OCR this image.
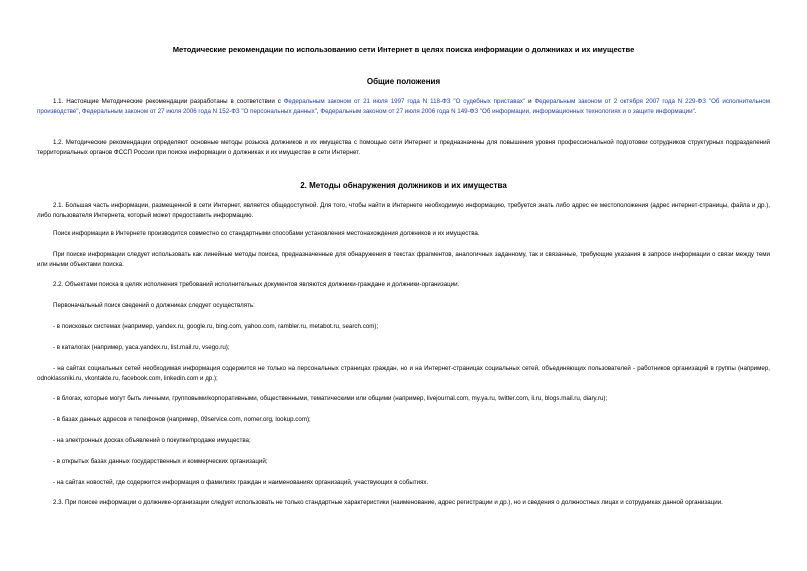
Методические рекомендации по использованию сети Интернет в целях поиска информации о должниках и их имуществе
Общие положения

1.1. Настоящие Методические рекомендации разработаны в соответствии с Федеральным законом от 21 июля 1997 года N 118-ФЗ "О судебных приставах" и Федеральным законом от 2 октября 2007 года N 229-ФЗ "Об исполнительном производстве", Федеральным законом от 27 июля 2006 года N 152-ФЗ "О персональных данных", Федеральным законом от 27 июля 2006 года N 149-ФЗ "Об информации, информационных технологиях и о защите информации".

1.2. Методические рекомендации определяют основные методы розыска должников и их имущества с помощью сети Интернет и предназначены для повышения уровня профессиональной подготовки сотрудников структурных подразделений территориальных органов ФССП России при поиске информации о должниках и их имуществе в сети Интернет.

2. Методы обнаружения должников и их имущества

2.1. Большая часть информации, размещенной в сети Интернет, является общедоступной. Для того, чтобы найти в Интернете необходимую информацию, требуется знать либо адрес ее местоположения (адрес интернет-страницы, файла и др.), либо пользователя Интернета, который может предоставить информацию.

Поиск информации в Интернете производится совместно со стандартными способами установления местонахождения должников и их имущества.

При поиске информации следует использовать как линейные методы поиска, предназначенные для обнаружения в текстах фрагментов, аналогичных заданному, так и связанные, требующие указания в запросе информации о связи между теми или иными объектами поиска.

2.2. Объектами поиска в целях исполнения требований исполнительных документов являются должники-граждане и должники-организации.

Первоначальный поиск сведений о должниках следует осуществлять:

- в поисковых системах (например, yandex.ru, google.ru, bing.com, yahoo.com, rambler.ru, metabot.ru, search.com);

- в каталогах (например, yaca.yandex.ru, list.mail.ru, vsego.ru);

- на сайтах социальных сетей необходимая информация содержится не только на персональных страницах граждан, но и на Интернет-страницах социальных сетей, объединяющих пользователей - работников организаций в группы (например, odnoklassniki.ru, vkontakte.ru, facebook.com, linkedin.com и др.);

- в блогах, которые могут быть личными, групповыми/корпоративными, общественными, тематическими или общими (например, livejournal.com, my.ya.ru, twitter.com, li.ru, blogs.mail.ru, diary.ru);

- в базах данных адресов и телефонов (например, 09service.com, nomer.org, lookup.com);

- на электронных досках объявлений о покупке/продаже имущества;

- в открытых базах данных государственных и коммерческих организаций;

- на сайтах новостей, где содержится информация о фамилиях граждан и наименованиях организаций, участвующих в событиях.

2.3. При поиске информации о должнике-организации следует использовать не только стандартные характеристики (наименование, адрес регистрации и др.), но и сведения о должностных лицах и сотрудниках данной организации.
